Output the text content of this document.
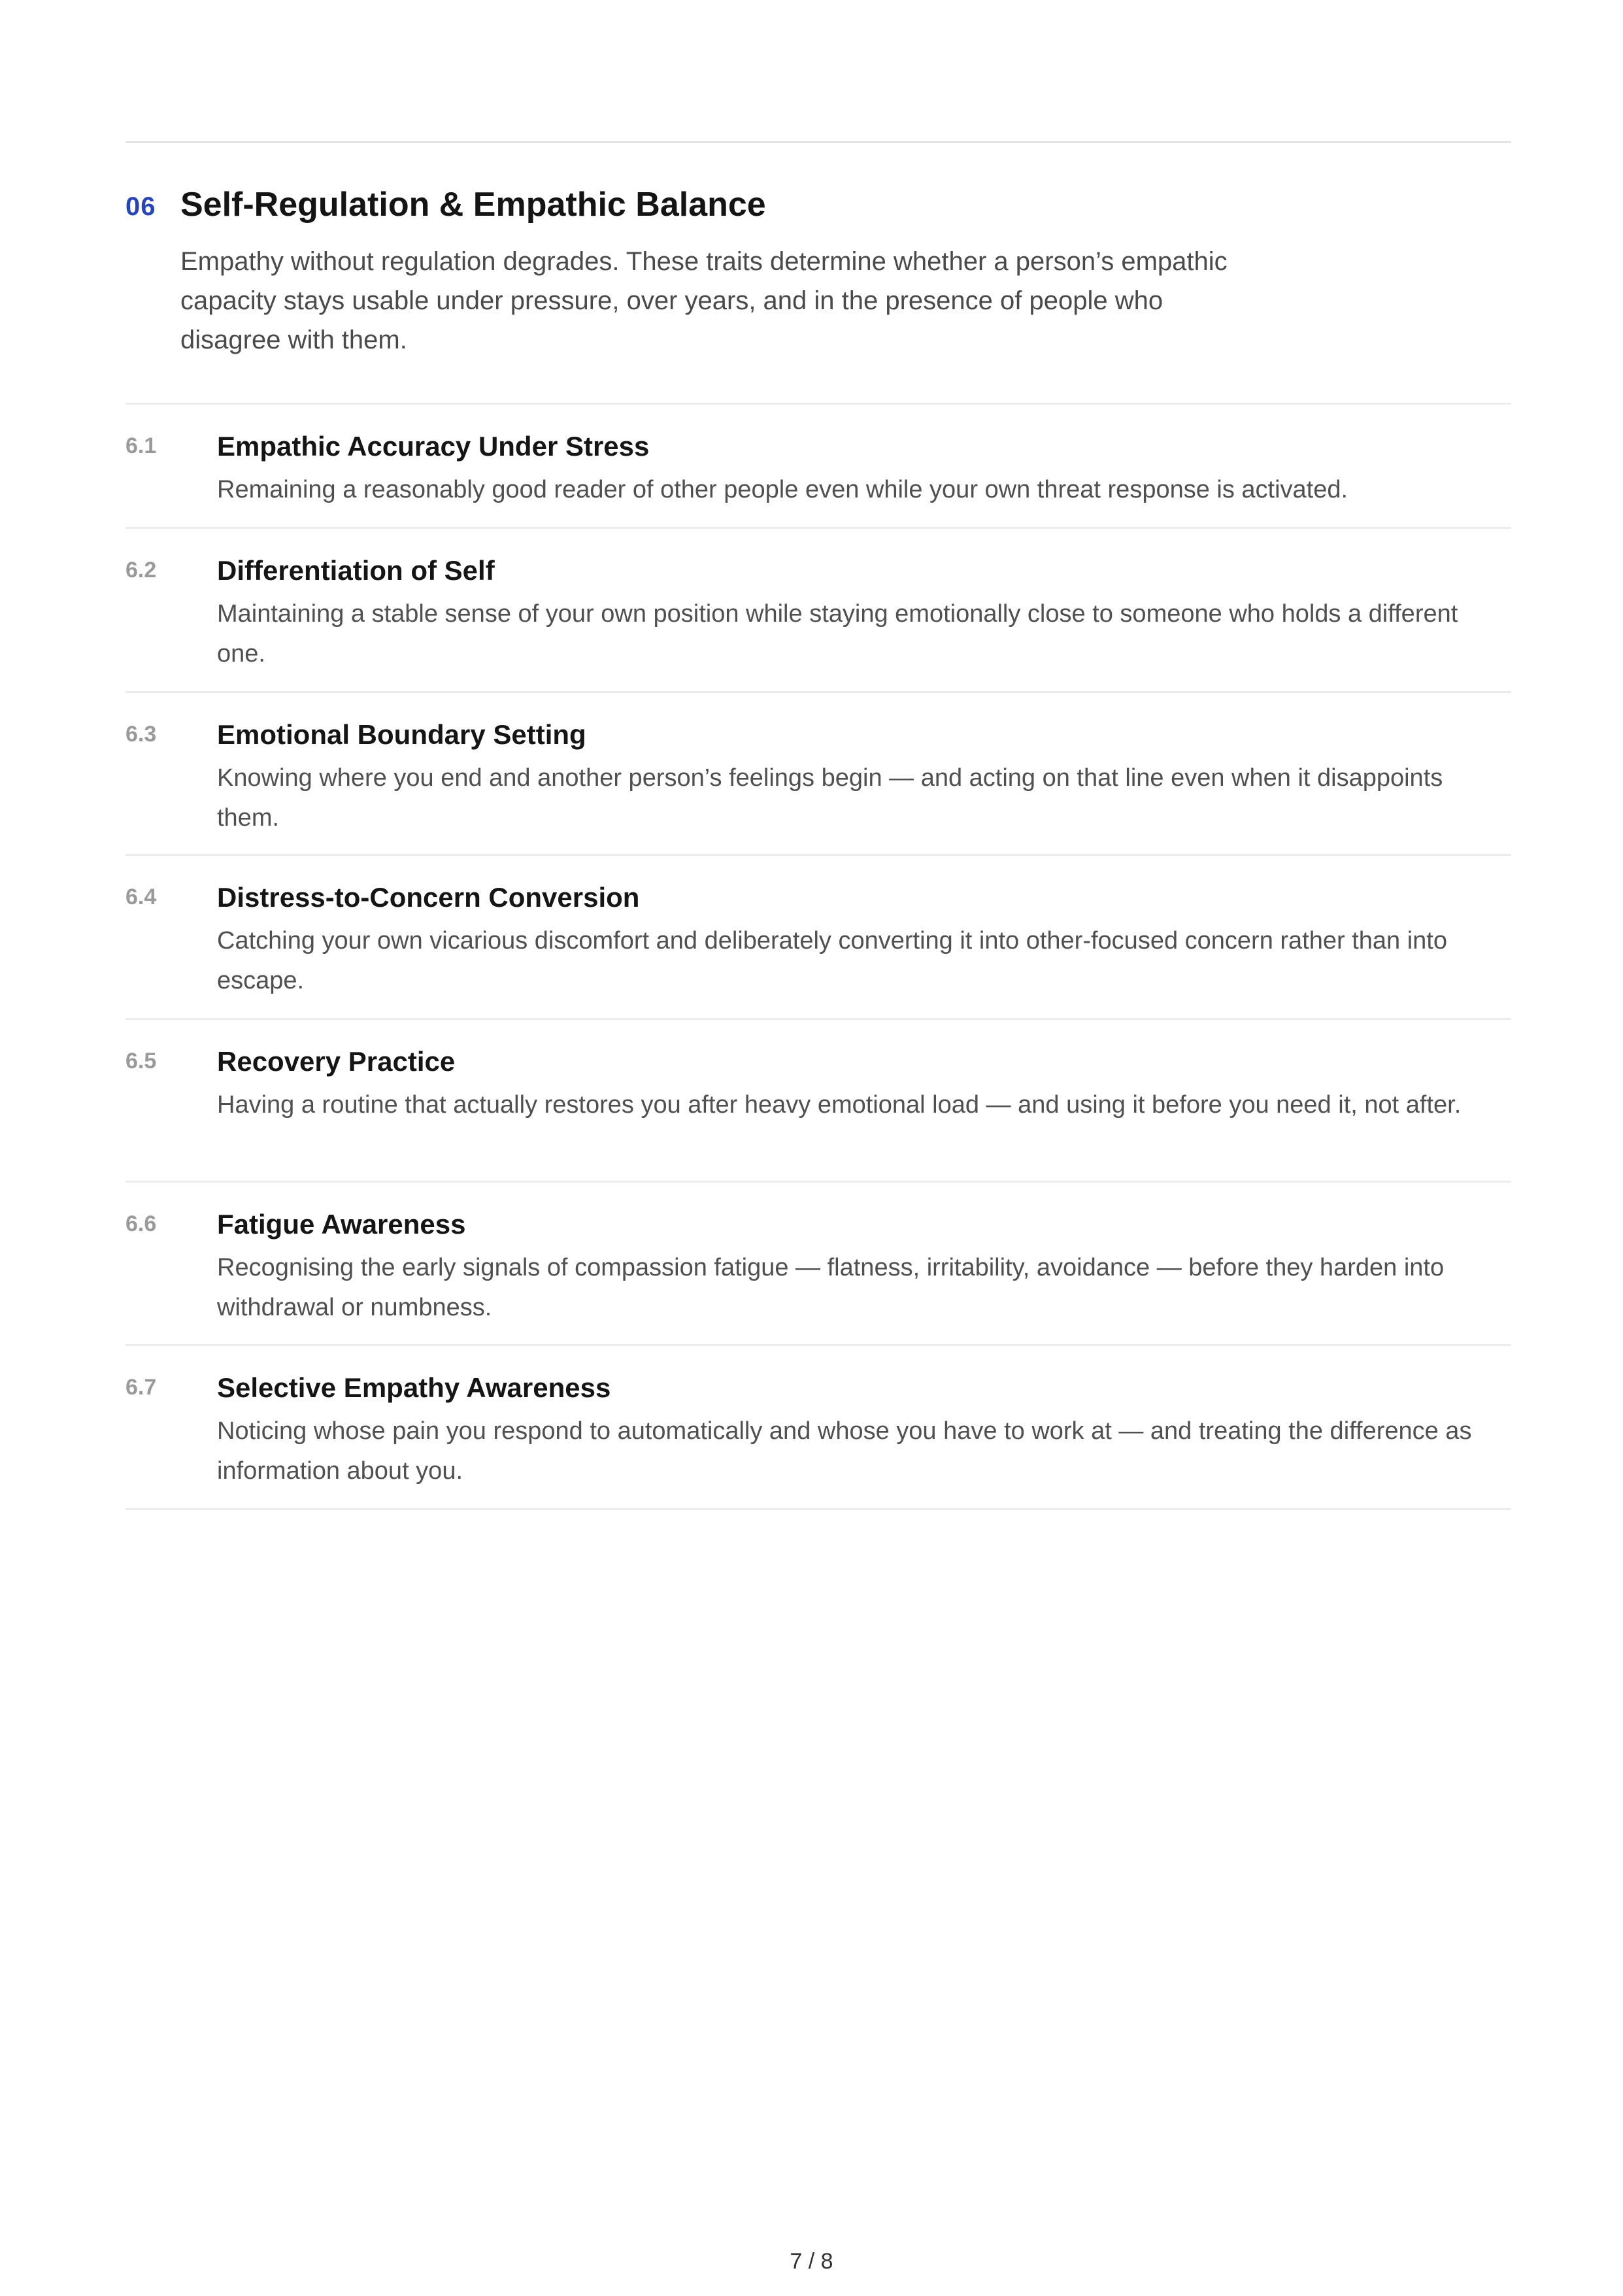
06 Self-Regulation & Empathic Balance

Empathy without regulation degrades. These traits determine whether a person’s empathic capacity stays usable under pressure, over years, and in the presence of people who disagree with them.

6.1 Empathic Accuracy Under Stress

Remaining a reasonably good reader of other people even while your own threat response is activated.

6.2 Differentiation of Self

Maintaining a stable sense of your own position while staying emotionally close to someone who holds a different one.

6.3 Emotional Boundary Setting

Knowing where you end and another person’s feelings begin — and acting on that line even when it disappoints them.

6.4 Distress-to-Concern Conversion

Catching your own vicarious discomfort and deliberately converting it into other-focused concern rather than into escape.

6.5 Recovery Practice

Having a routine that actually restores you after heavy emotional load — and using it before you need it, not after.

6.6 Fatigue Awareness

Recognising the early signals of compassion fatigue — flatness, irritability, avoidance — before they harden into withdrawal or numbness.

6.7 Selective Empathy Awareness

Noticing whose pain you respond to automatically and whose you have to work at — and treating the difference as information about you.

7 / 8
